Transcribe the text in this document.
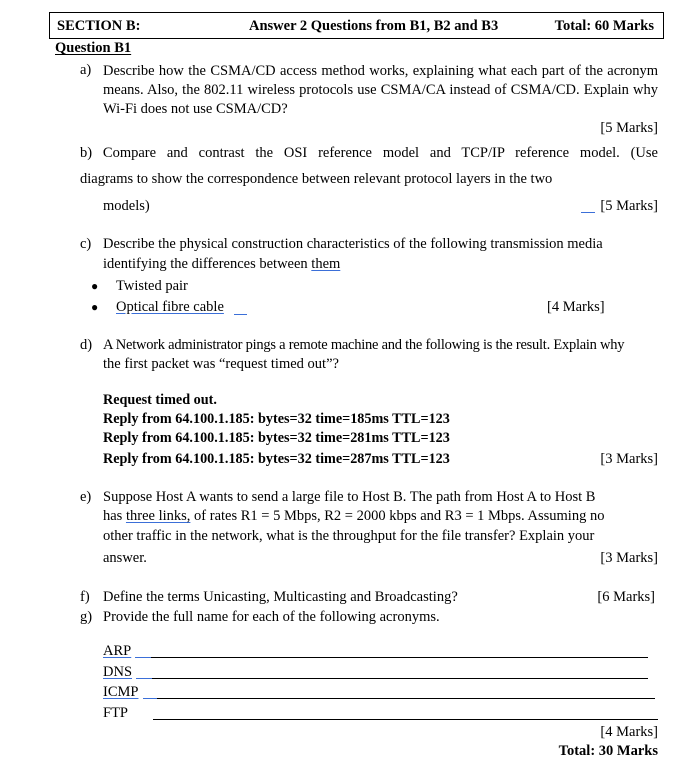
SECTION B:	Answer 2 Questions from B1, B2 and B3	Total: 60 Marks
Question B1
a) Describe how the CSMA/CD access method works, explaining what each part of the acronym means. Also, the 802.11 wireless protocols use CSMA/CA instead of CSMA/CD. Explain why Wi-Fi does not use CSMA/CD?
[5 Marks]
b) Compare and contrast the OSI reference model and TCP/IP reference model. (Use
diagrams to show the correspondence between relevant protocol layers in the two
models)	[5 Marks]
c) Describe the physical construction characteristics of the following transmission media
identifying the differences between them
● Twisted pair
● Optical fibre cable	[4 Marks]
d) A Network administrator pings a remote machine and the following is the result. Explain why
the first packet was “request timed out”?
Request timed out.
Reply from 64.100.1.185: bytes=32 time=185ms TTL=123
Reply from 64.100.1.185: bytes=32 time=281ms TTL=123
Reply from 64.100.1.185: bytes=32 time=287ms TTL=123	[3 Marks]
e) Suppose Host A wants to send a large file to Host B. The path from Host A to Host B
has three links, of rates R1 = 5 Mbps, R2 = 2000 kbps and R3 = 1 Mbps. Assuming no
other traffic in the network, what is the throughput for the file transfer? Explain your
answer.	[3 Marks]
f) Define the terms Unicasting, Multicasting and Broadcasting?	[6 Marks]
g) Provide the full name for each of the following acronyms.
ARP
DNS
ICMP
FTP
[4 Marks]
Total: 30 Marks
